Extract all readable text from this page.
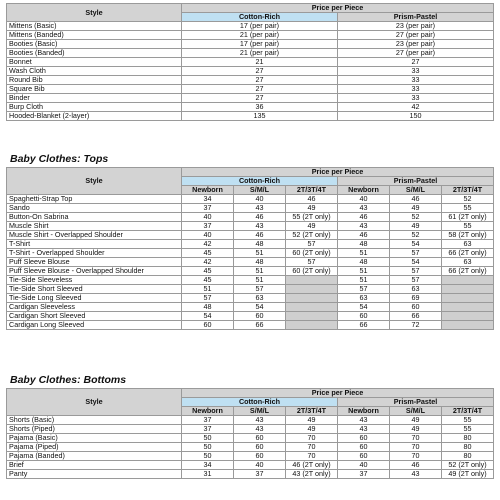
Style	Price per Piece	
	Cotton-Rich	Prism-Pastel
Mittens (Basic)	17 (per pair)	23 (per pair)
Mittens (Banded)	21 (per pair)	27 (per pair)
Booties (Basic)	17 (per pair)	23 (per pair)
Booties (Banded)	21 (per pair)	27 (per pair)
Bonnet	21	27
Wash Cloth	27	33
Round Bib	27	33
Square Bib	27	33
Binder	27	33
Burp Cloth	36	42
Hooded-Blanket (2-layer)	135	150
Baby Clothes: Tops
Style	Price per Piece					
	Cotton-Rich			Prism-Pastel		
	Newborn	S/M/L	2T/3T/4T	Newborn	S/M/L	2T/3T/4T
Spaghetti-Strap Top	34	40	46	40	46	52
Sando	37	43	49	43	49	55
Button-On Sabrina	40	46	55 (2T only)	46	52	61 (2T only)
Muscle Shirt	37	43	49	43	49	55
Muscle Shirt - Overlapped Shoulder	40	46	52 (2T only)	46	52	58 (2T only)
T-Shirt	42	48	57	48	54	63
T-Shirt - Overlapped Shoulder	45	51	60 (2T only)	51	57	66 (2T only)
Puff Sleeve Blouse	42	48	57	48	54	63
Puff Sleeve Blouse - Overlapped Shoulder	45	51	60 (2T only)	51	57	66 (2T only)
Tie-Side Sleeveless	45	51		51	57	
Tie-Side Short Sleeved	51	57		57	63	
Tie-Side Long Sleeved	57	63		63	69	
Cardigan Sleeveless	48	54		54	60	
Cardigan Short Sleeved	54	60		60	66	
Cardigan Long Sleeved	60	66		66	72	
Baby Clothes: Bottoms
Style	Price per Piece					
	Cotton-Rich			Prism-Pastel		
	Newborn	S/M/L	2T/3T/4T	Newborn	S/M/L	2T/3T/4T
Shorts (Basic)	37	43	49	43	49	55
Shorts (Piped)	37	43	49	43	49	55
Pajama (Basic)	50	60	70	60	70	80
Pajama (Piped)	50	60	70	60	70	80
Pajama (Banded)	50	60	70	60	70	80
Brief	34	40	46 (2T only)	40	46	52 (2T only)
Panty	31	37	43 (2T only)	37	43	49 (2T only)
